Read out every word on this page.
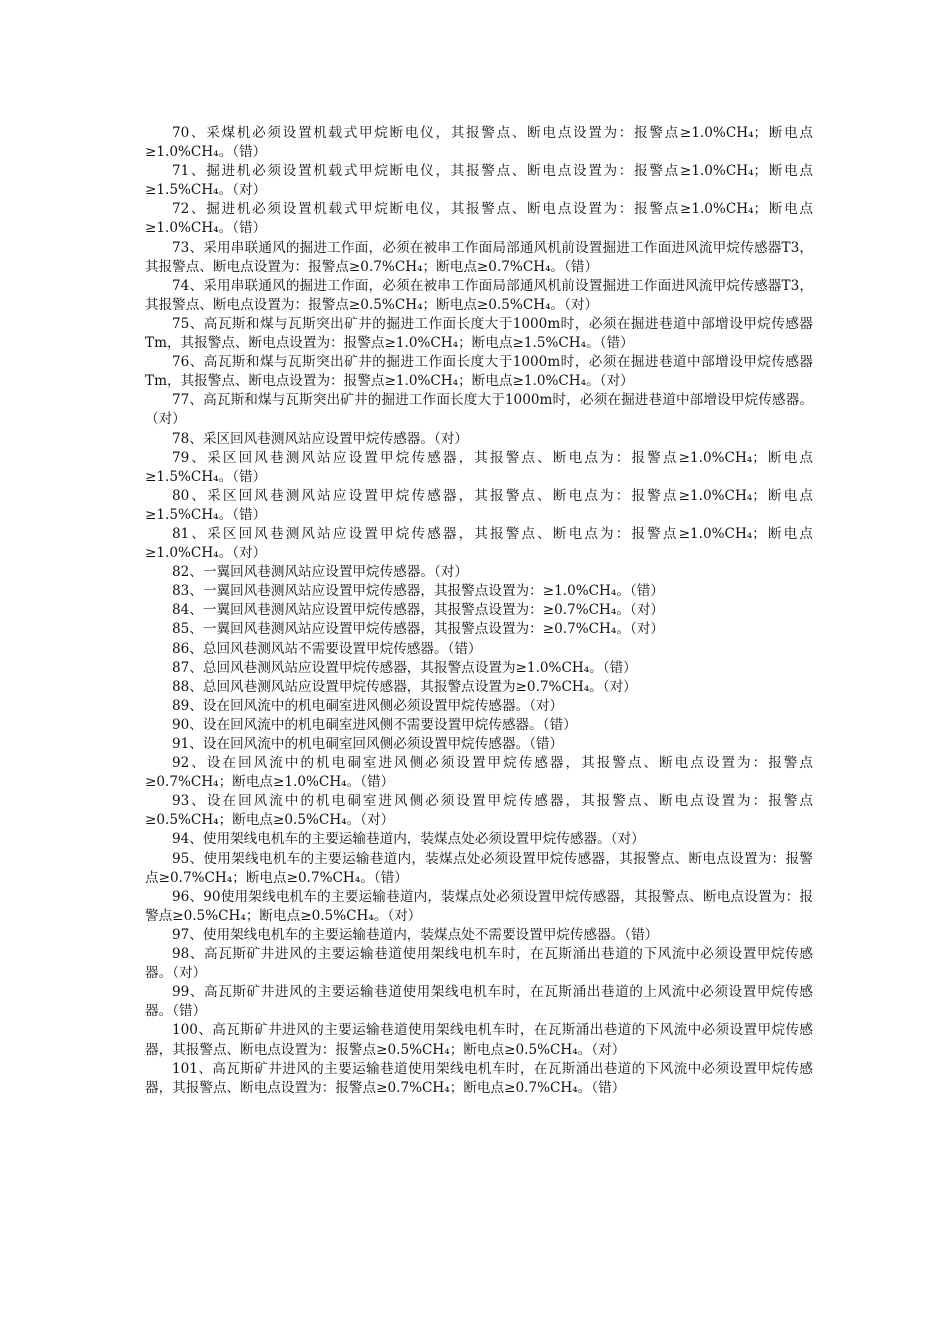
70、采煤机必须设置机载式甲烷断电仪，其报警点、断电点设置为：报警点≥1.0%CH₄；断电点≥1.0%CH₄。（错）

71、掘进机必须设置机载式甲烷断电仪，其报警点、断电点设置为：报警点≥1.0%CH₄；断电点≥1.5%CH₄。（对）

72、掘进机必须设置机载式甲烷断电仪，其报警点、断电点设置为：报警点≥1.0%CH₄；断电点≥1.0%CH₄。（错）

73、采用串联通风的掘进工作面，必须在被串工作面局部通风机前设置掘进工作面进风流甲烷传感器T3，其报警点、断电点设置为：报警点≥0.7%CH₄；断电点≥0.7%CH₄。（错）

74、采用串联通风的掘进工作面，必须在被串工作面局部通风机前设置掘进工作面进风流甲烷传感器T3，其报警点、断电点设置为：报警点≥0.5%CH₄；断电点≥0.5%CH₄。（对）

75、高瓦斯和煤与瓦斯突出矿井的掘进工作面长度大于1000m时，必须在掘进巷道中部增设甲烷传感器Tm，其报警点、断电点设置为：报警点≥1.0%CH₄；断电点≥1.5%CH₄。（错）

76、高瓦斯和煤与瓦斯突出矿井的掘进工作面长度大于1000m时，必须在掘进巷道中部增设甲烷传感器Tm，其报警点、断电点设置为：报警点≥1.0%CH₄；断电点≥1.0%CH₄。（对）

77、高瓦斯和煤与瓦斯突出矿井的掘进工作面长度大于1000m时，必须在掘进巷道中部增设甲烷传感器。（对）

78、采区回风巷测风站应设置甲烷传感器。（对）

79、采区回风巷测风站应设置甲烷传感器，其报警点、断电点为：报警点≥1.0%CH₄；断电点≥1.5%CH₄。（错）

80、采区回风巷测风站应设置甲烷传感器，其报警点、断电点为：报警点≥1.0%CH₄；断电点≥1.5%CH₄。（错）

81、采区回风巷测风站应设置甲烷传感器，其报警点、断电点为：报警点≥1.0%CH₄；断电点≥1.0%CH₄。（对）

82、一翼回风巷测风站应设置甲烷传感器。（对）

83、一翼回风巷测风站应设置甲烷传感器，其报警点设置为：≥1.0%CH₄。（错）

84、一翼回风巷测风站应设置甲烷传感器，其报警点设置为：≥0.7%CH₄。（对）

85、一翼回风巷测风站应设置甲烷传感器，其报警点设置为：≥0.7%CH₄。（对）

86、总回风巷测风站不需要设置甲烷传感器。（错）

87、总回风巷测风站应设置甲烷传感器，其报警点设置为≥1.0%CH₄。（错）

88、总回风巷测风站应设置甲烷传感器，其报警点设置为≥0.7%CH₄。（对）

89、设在回风流中的机电硐室进风侧必须设置甲烷传感器。（对）

90、设在回风流中的机电硐室进风侧不需要设置甲烷传感器。（错）

91、设在回风流中的机电硐室回风侧必须设置甲烷传感器。（错）

92、设在回风流中的机电硐室进风侧必须设置甲烷传感器，其报警点、断电点设置为：报警点≥0.7%CH₄；断电点≥1.0%CH₄。（错）

93、设在回风流中的机电硐室进风侧必须设置甲烷传感器，其报警点、断电点设置为：报警点≥0.5%CH₄；断电点≥0.5%CH₄。（对）

94、使用架线电机车的主要运输巷道内，装煤点处必须设置甲烷传感器。（对）

95、使用架线电机车的主要运输巷道内，装煤点处必须设置甲烷传感器，其报警点、断电点设置为：报警点≥0.7%CH₄；断电点≥0.7%CH₄。（错）

96、90使用架线电机车的主要运输巷道内，装煤点处必须设置甲烷传感器，其报警点、断电点设置为：报警点≥0.5%CH₄；断电点≥0.5%CH₄。（对）

97、使用架线电机车的主要运输巷道内，装煤点处不需要设置甲烷传感器。（错）

98、高瓦斯矿井进风的主要运输巷道使用架线电机车时，在瓦斯涌出巷道的下风流中必须设置甲烷传感器。（对）

99、高瓦斯矿井进风的主要运输巷道使用架线电机车时，在瓦斯涌出巷道的上风流中必须设置甲烷传感器。（错）

100、高瓦斯矿井进风的主要运输巷道使用架线电机车时，在瓦斯涌出巷道的下风流中必须设置甲烷传感器，其报警点、断电点设置为：报警点≥0.5%CH₄；断电点≥0.5%CH₄。（对）

101、高瓦斯矿井进风的主要运输巷道使用架线电机车时，在瓦斯涌出巷道的下风流中必须设置甲烷传感器，其报警点、断电点设置为：报警点≥0.7%CH₄；断电点≥0.7%CH₄。（错）
